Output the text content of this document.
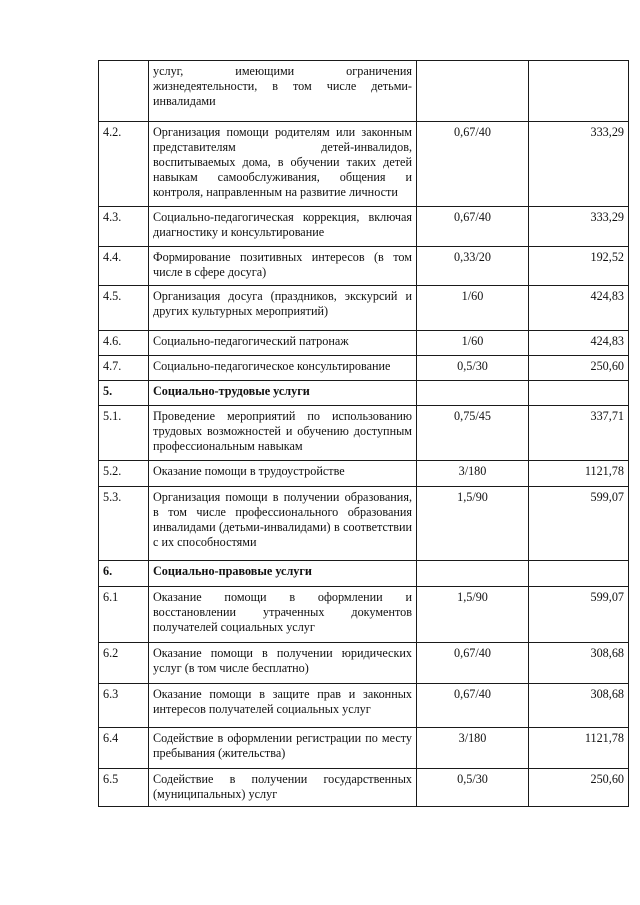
	услуг, имеющими ограничения жизнедеятельности, в том числе детьми-инвалидами		
4.2.	Организация помощи родителям или законным представителям детей-инвалидов, воспитываемых дома, в обучении таких детей навыкам самообслуживания, общения и контроля, направленным на развитие личности	0,67/40	333,29
4.3.	Социально-педагогическая коррекция, включая диагностику и консультирование	0,67/40	333,29
4.4.	Формирование позитивных интересов (в том числе в сфере досуга)	0,33/20	192,52
4.5.	Организация досуга (праздников, экскурсий и других культурных мероприятий)	1/60	424,83
4.6.	Социально-педагогический патронаж	1/60	424,83
4.7.	Социально-педагогическое консультирование	0,5/30	250,60
5.	Социально-трудовые услуги		
5.1.	Проведение мероприятий по использованию трудовых возможностей и обучению доступным профессиональным навыкам	0,75/45	337,71
5.2.	Оказание помощи в трудоустройстве	3/180	1121,78
5.3.	Организация помощи в получении образования, в том числе профессионального образования инвалидами (детьми-инвалидами) в соответствии с их способностями	1,5/90	599,07
6.	Социально-правовые услуги		
6.1	Оказание помощи в оформлении и восстановлении утраченных документов получателей социальных услуг	1,5/90	599,07
6.2	Оказание помощи в получении юридических услуг (в том числе бесплатно)	0,67/40	308,68
6.3	Оказание помощи в защите прав и законных интересов получателей социальных услуг	0,67/40	308,68
6.4	Содействие в оформлении регистрации по месту пребывания (жительства)	3/180	1121,78
6.5	Содействие в получении государственных (муниципальных) услуг	0,5/30	250,60
